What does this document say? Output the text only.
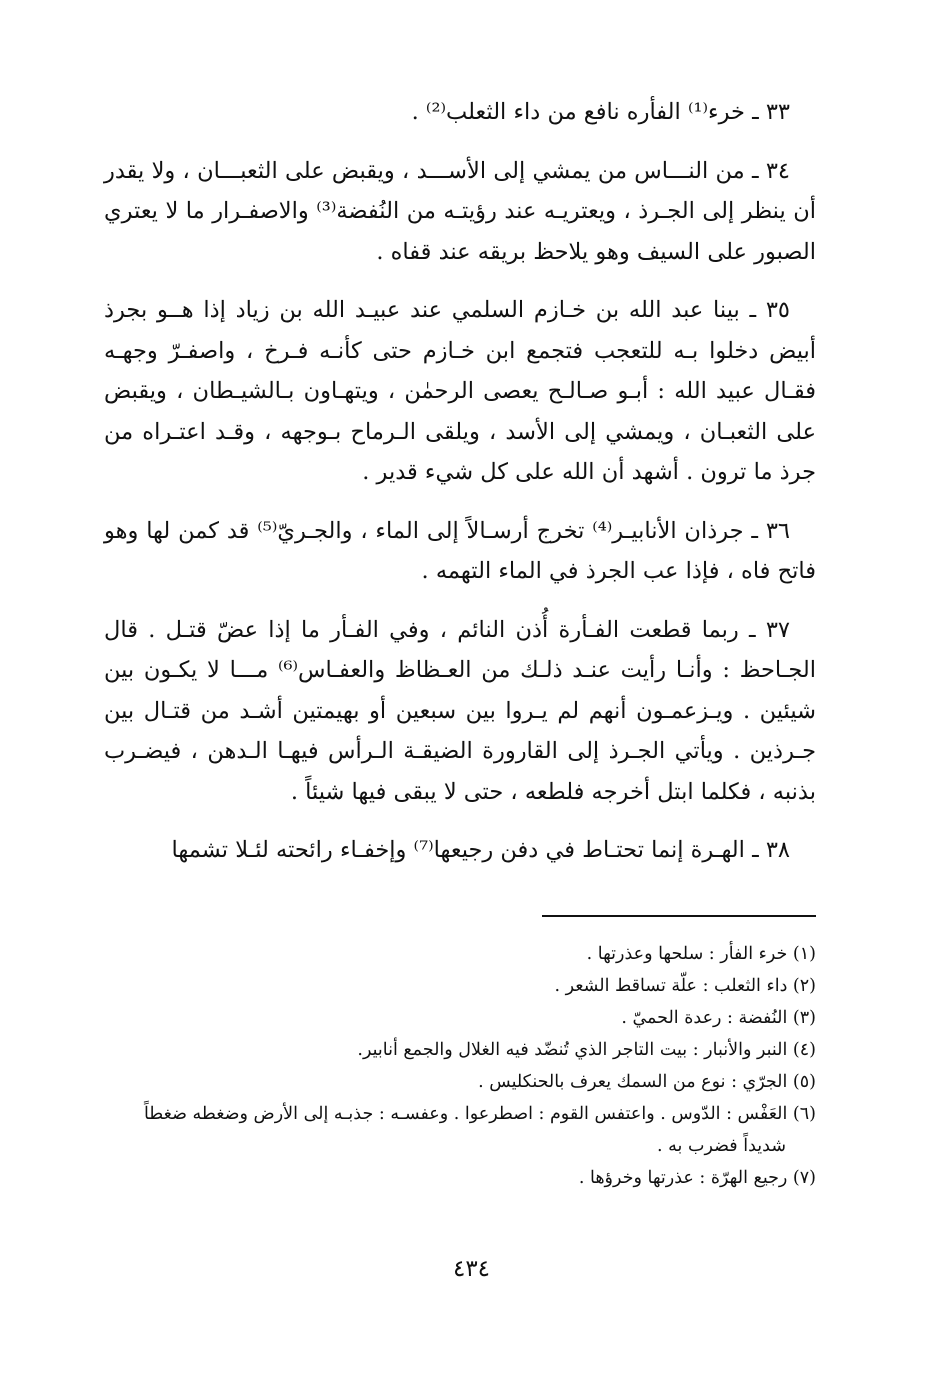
٣٣ ـ خرء⁽¹⁾ الفأره نافع من داء الثعلب⁽²⁾ .

٣٤ ـ من النـــاس من يمشي إلى الأســـد ، ويقبض على الثعبـــان ، ولا يقدر أن ينظر إلى الجـرذ ، ويعتريـه عند رؤيتـه من النُفضة⁽³⁾ والاصفـرار ما لا يعتري الصبور على السيف وهو يلاحظ بريقه عند قفاه .

٣٥ ـ بينا عبد الله بن خـازم السلمي عند عبيـد الله بن زياد إذا هــو بجرذ أبيض دخلوا بـه للتعجب فتجمع ابن خـازم حتى كأنـه فـرخ ، واصفـرّ وجهـه فقـال عبيد الله : أبـو صـالـح يعصى الرحمٰن ، ويتهـاون بـالشيـطان ، ويقبض على الثعبـان ، ويمشي إلى الأسد ، ويلقى الـرماح بـوجهه ، وقـد اعتـراه من جرذ ما ترون . أشهد أن الله على كل شيء قدير .

٣٦ ـ جرذان الأنابيـر⁽⁴⁾ تخرج أرسـالاً إلى الماء ، والجـريّ⁽⁵⁾ قد كمن لها وهو فاتح فاه ، فإذا عب الجرذ في الماء التهمه .

٣٧ ـ ربما قطعت الفـأرة أُذن النائم ، وفي الفـأر ما إذا عضّ قتـل . قال الجـاحظ : وأنـا رأيت عنـد ذلـك من العـظاظ والعفـاس⁽⁶⁾ مـــا لا يكـون بين شيئين . ويـزعمـون أنهم لم يـروا بين سبعين أو بهيمتين أشـد من قتـال بين جـرذين . ويأتي الجـرذ إلى القارورة الضيقـة الـرأس فيهـا الـدهن ، فيضـرب بذنبه ، فكلما ابتل أخرجه فلطعه ، حتى لا يبقى فيها شيئاً .

٣٨ ـ الهـرة إنما تحتـاط في دفن رجيعها⁽⁷⁾ وإخفـاء رائحته لئـلا تشمها

(١) خرء الفأر : سلحها وعذرتها .

(٢) داء الثعلب : علّة تساقط الشعر .

(٣) النُفضة : رعدة الحميّ .

(٤) النبر والأنبار : بيت التاجر الذي تُنضّد فيه الغلال والجمع أنابير.

(٥) الجرّي : نوع من السمك يعرف بالحنكليس .

(٦) العَفْس : الدّوس . واعتفس القوم : اصطرعوا . وعفسـه : جذبـه إلى الأرض وضغطه ضغطاً شديداً فضرب به .

(٧) رجيع الهرّة : عذرتها وخرؤها .

٤٣٤
